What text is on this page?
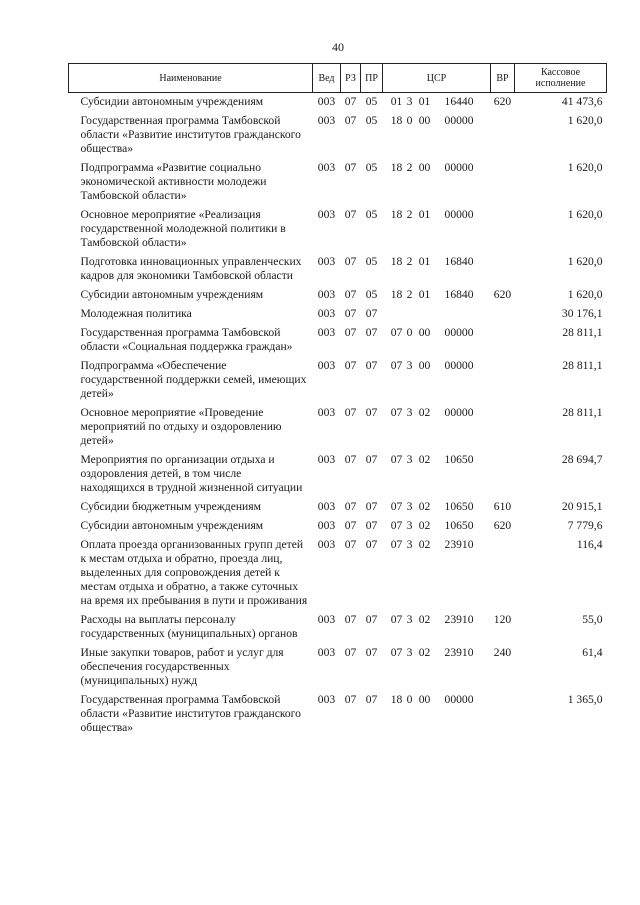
40
Наименование	Вед	РЗ	ПР	ЦСР	ВР	Кассовое исполнение
Субсидии автономным учреждениям	003	07	05	01 3 01 16440	620	41 473,6
Государственная программа Тамбовской области «Развитие институтов гражданского общества»	003	07	05	18 0 00 00000		1 620,0
Подпрограмма «Развитие социально экономической активности молодежи Тамбовской области»	003	07	05	18 2 00 00000		1 620,0
Основное мероприятие «Реализация государственной молодежной политики в Тамбовской области»	003	07	05	18 2 01 00000		1 620,0
Подготовка инновационных управленческих кадров для экономики Тамбовской области	003	07	05	18 2 01 16840		1 620,0
Субсидии автономным учреждениям	003	07	05	18 2 01 16840	620	1 620,0
Молодежная политика	003	07	07			30 176,1
Государственная программа Тамбовской области «Социальная поддержка граждан»	003	07	07	07 0 00 00000		28 811,1
Подпрограмма «Обеспечение государственной поддержки семей, имеющих детей»	003	07	07	07 3 00 00000		28 811,1
Основное мероприятие «Проведение мероприятий по отдыху и оздоровлению детей»	003	07	07	07 3 02 00000		28 811,1
Мероприятия по организации отдыха и оздоровления детей, в том числе находящихся в трудной жизненной ситуации	003	07	07	07 3 02 10650		28 694,7
Субсидии бюджетным учреждениям	003	07	07	07 3 02 10650	610	20 915,1
Субсидии автономным учреждениям	003	07	07	07 3 02 10650	620	7 779,6
Оплата проезда организованных групп детей к местам отдыха и обратно, проезда лиц, выделенных для сопровождения детей к местам отдыха и обратно, а также суточных на время их пребывания в пути и проживания	003	07	07	07 3 02 23910		116,4
Расходы на выплаты персоналу государственных (муниципальных) органов	003	07	07	07 3 02 23910	120	55,0
Иные закупки товаров, работ и услуг для обеспечения государственных (муниципальных) нужд	003	07	07	07 3 02 23910	240	61,4
Государственная программа Тамбовской области «Развитие институтов гражданского общества»	003	07	07	18 0 00 00000		1 365,0
